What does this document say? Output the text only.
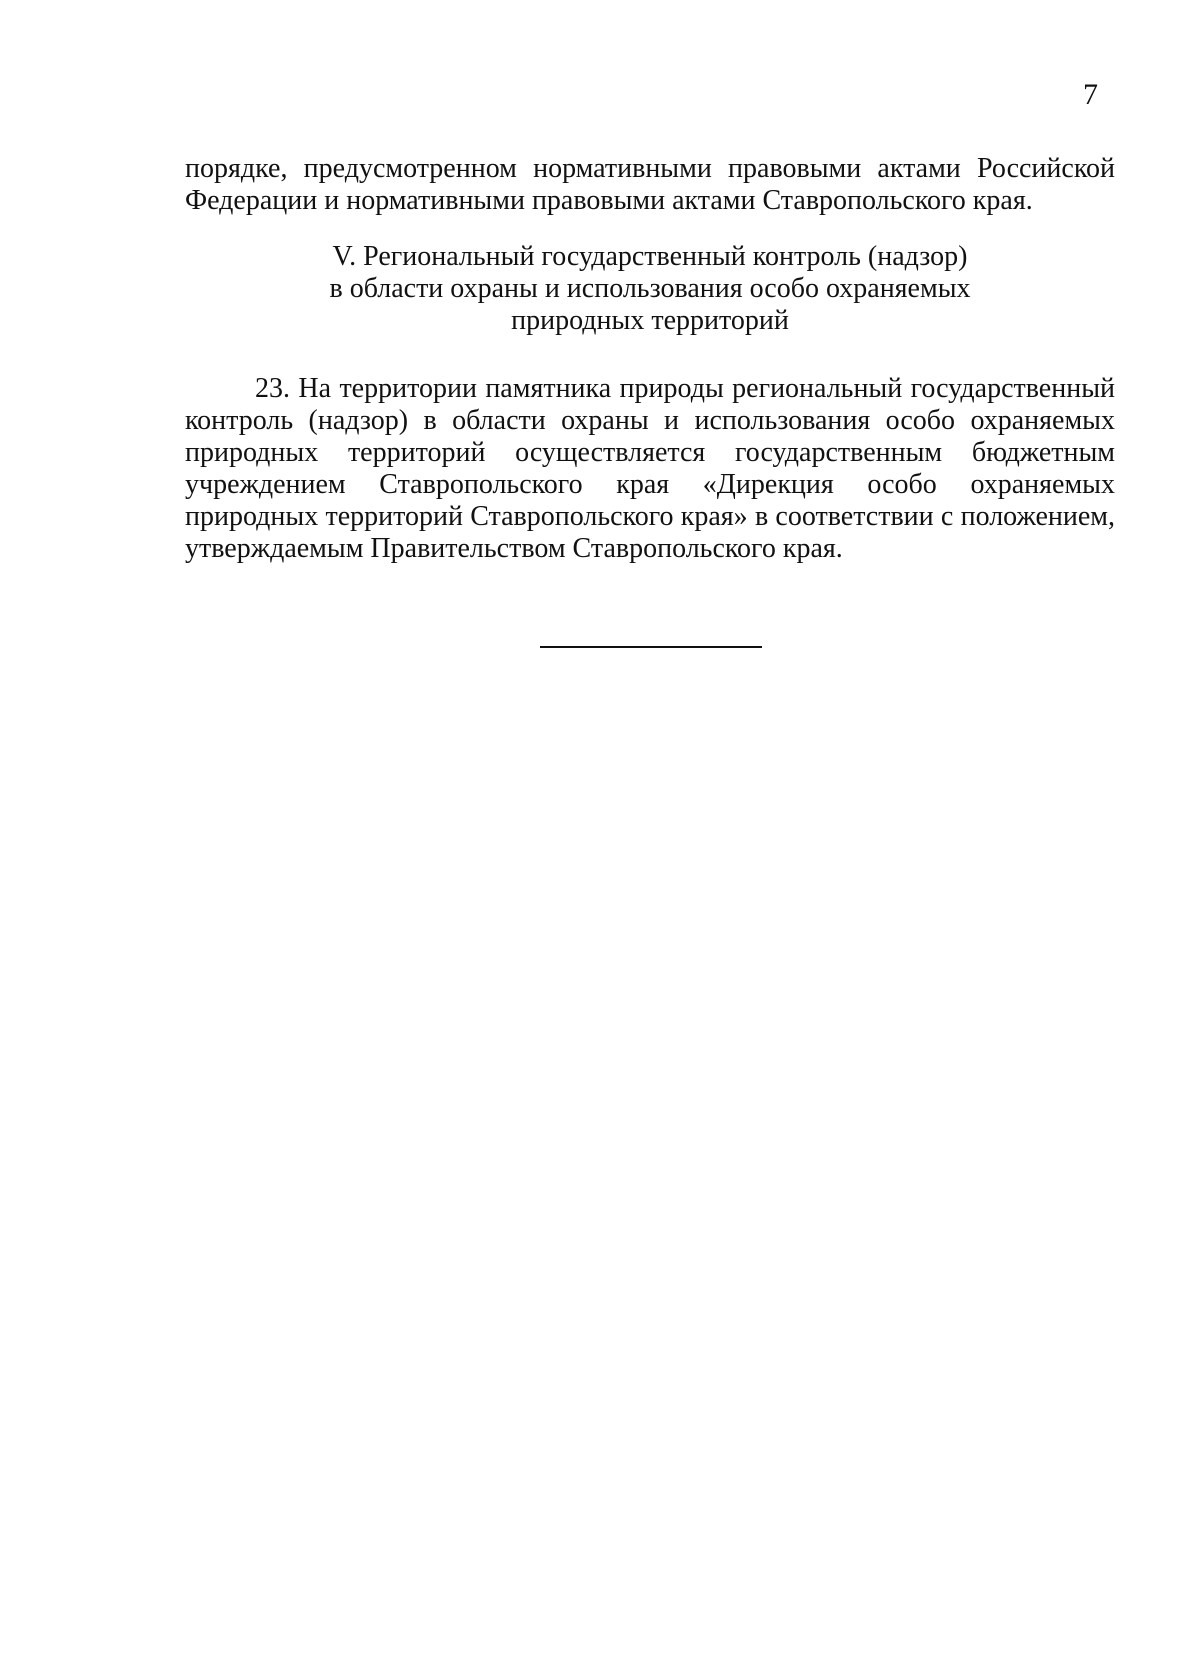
7

порядке, предусмотренном нормативными правовыми актами Российской Федерации и нормативными правовыми актами Ставропольского края.

V. Региональный государственный контроль (надзор)
в области охраны и использования особо охраняемых
природных территорий

23. На территории памятника природы региональный государственный контроль (надзор) в области охраны и использования особо охраняемых природных территорий осуществляется государственным бюджетным учреждением Ставропольского края «Дирекция особо охраняемых природных территорий Ставропольского края» в соответствии с положением, утверждаемым Правительством Ставропольского края.
